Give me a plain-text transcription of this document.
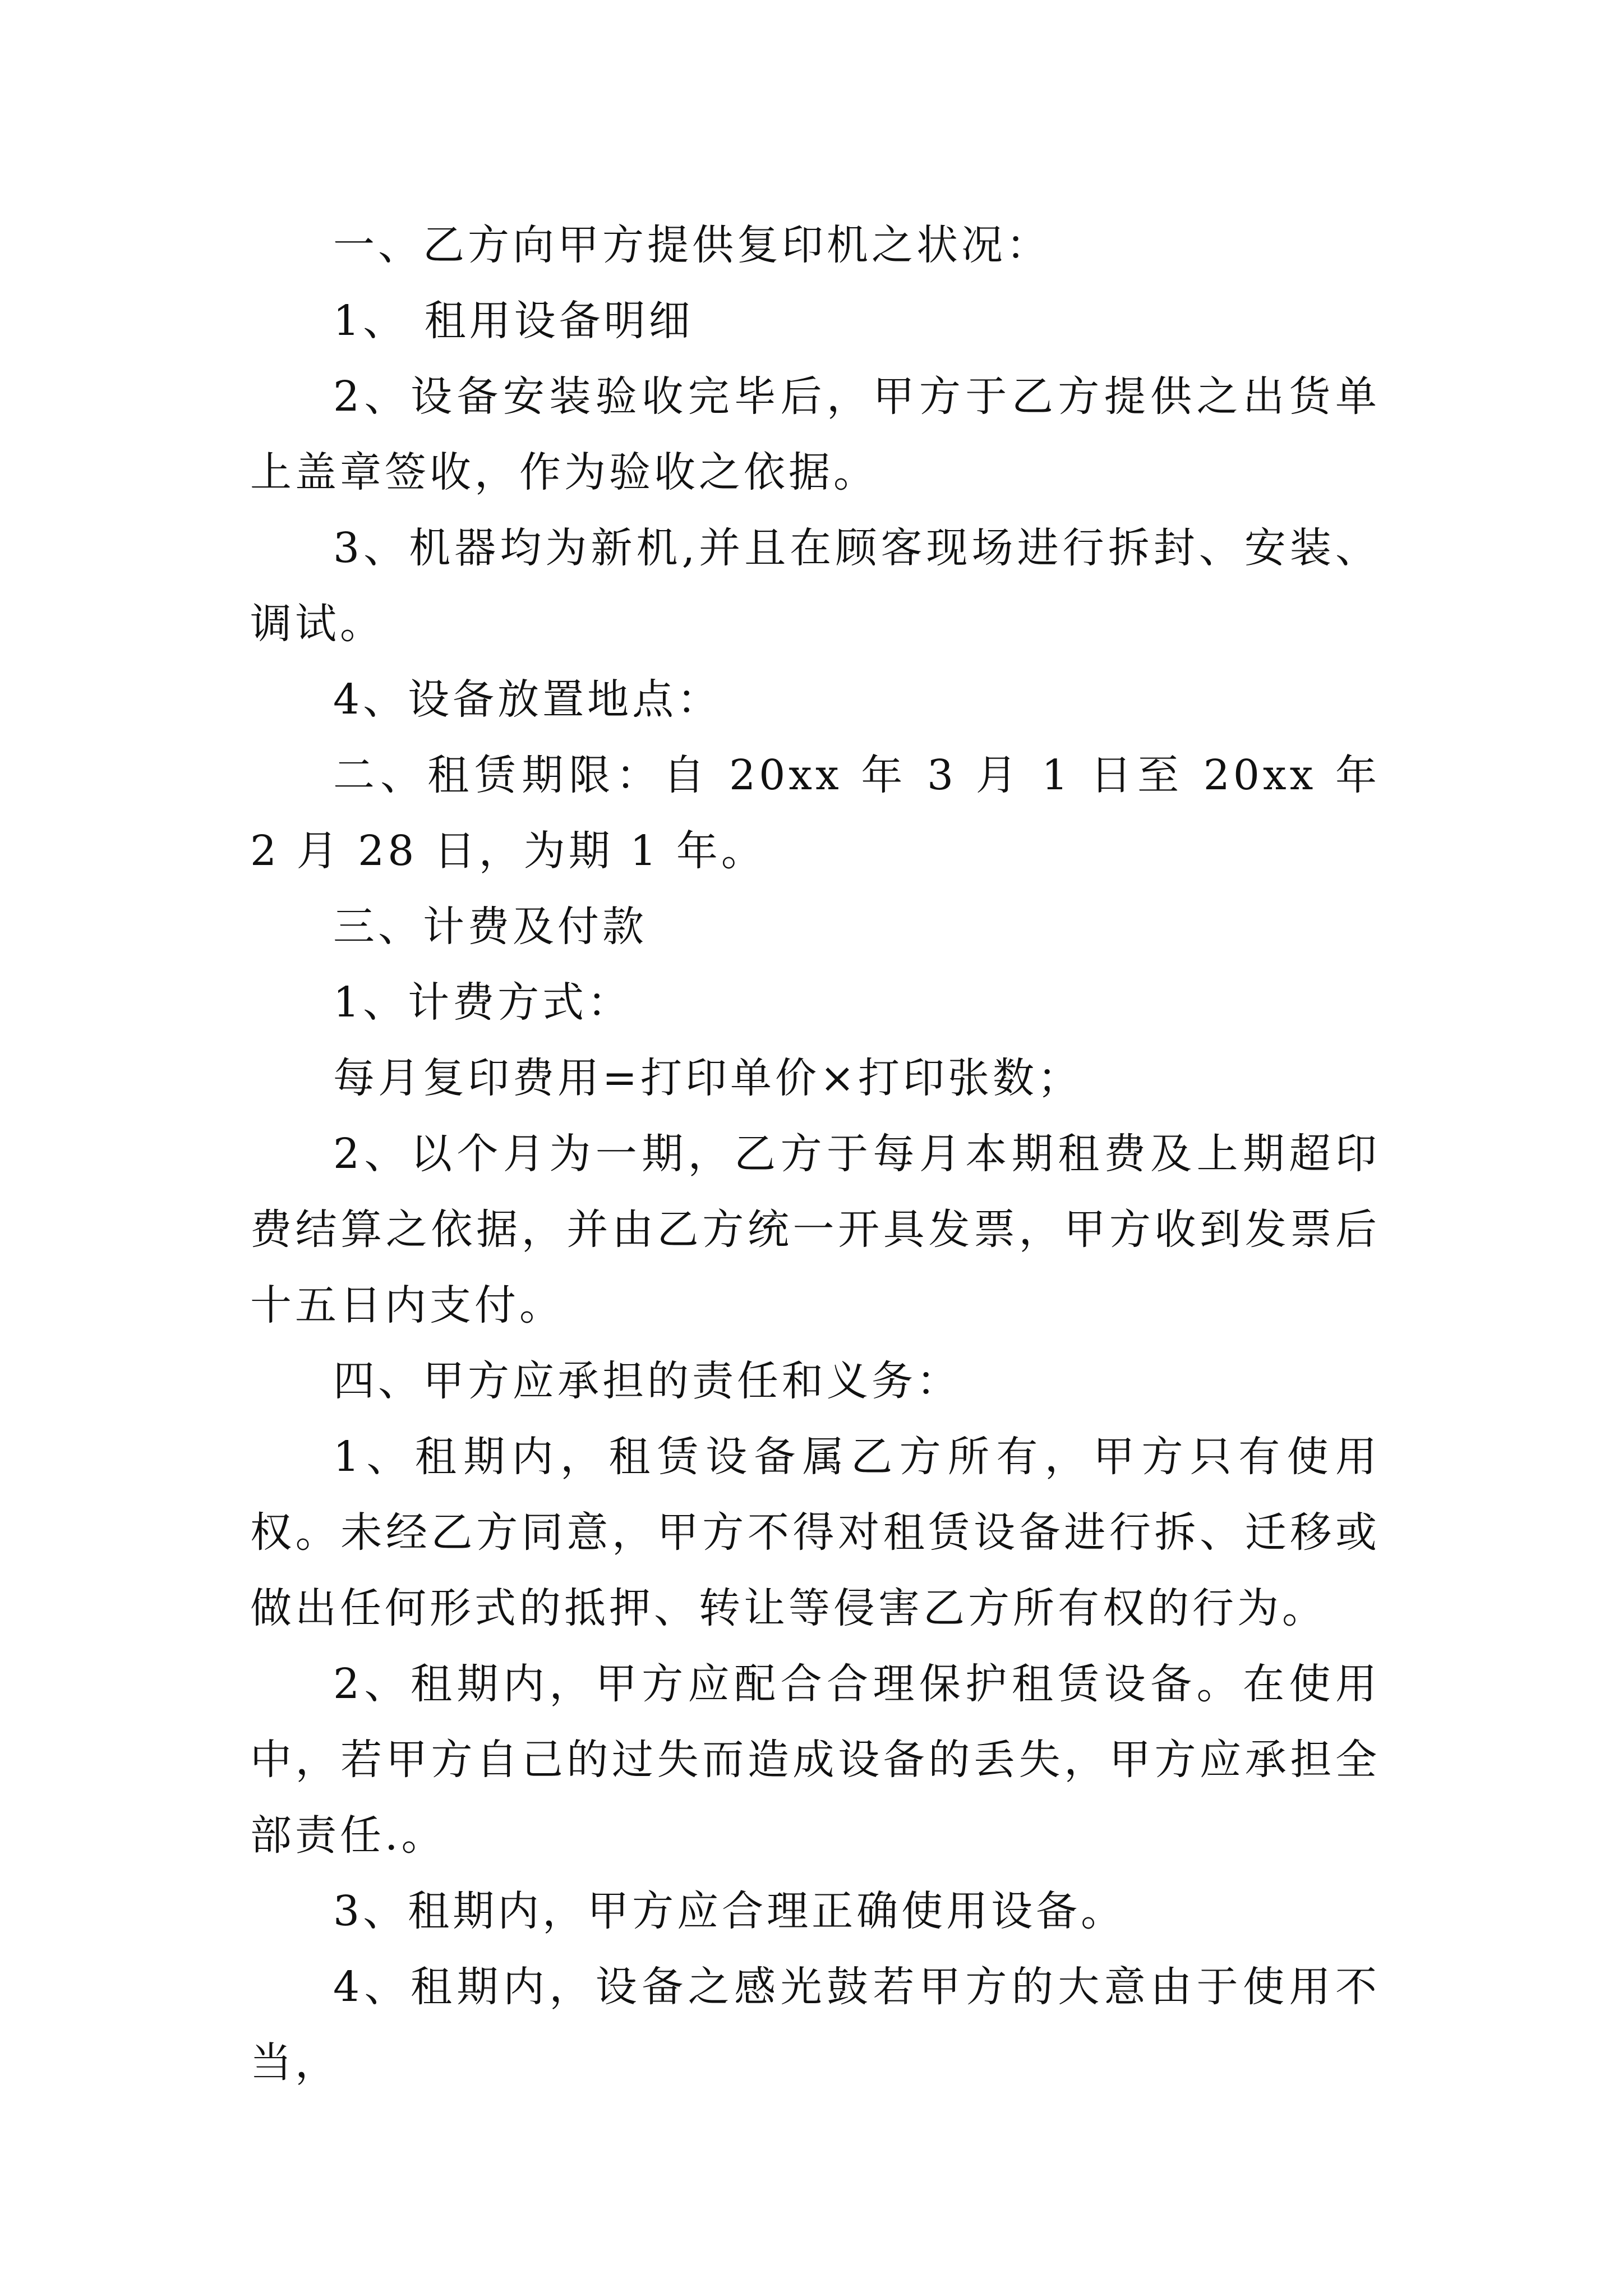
一、乙方向甲方提供复印机之状况：

1、 租用设备明细

2、设备安装验收完毕后，甲方于乙方提供之出货单上盖章签收，作为验收之依据。

3、机器均为新机,并且在顾客现场进行拆封、安装、调试。

4、设备放置地点：

二、租赁期限：自 20xx 年 3 月 1 日至 20xx 年 2 月 28 日，为期 1 年。

三、计费及付款

1、计费方式：

每月复印费用=打印单价×打印张数；

2、以个月为一期，乙方于每月本期租费及上期超印费结算之依据，并由乙方统一开具发票，甲方收到发票后十五日内支付。

四、甲方应承担的责任和义务：

1、租期内，租赁设备属乙方所有，甲方只有使用权。未经乙方同意，甲方不得对租赁设备进行拆、迁移或做出任何形式的抵押、转让等侵害乙方所有权的行为。

2、租期内，甲方应配合合理保护租赁设备。在使用中，若甲方自己的过失而造成设备的丢失，甲方应承担全部责任.。

3、租期内，甲方应合理正确使用设备。

4、租期内，设备之感光鼓若甲方的大意由于使用不当，
